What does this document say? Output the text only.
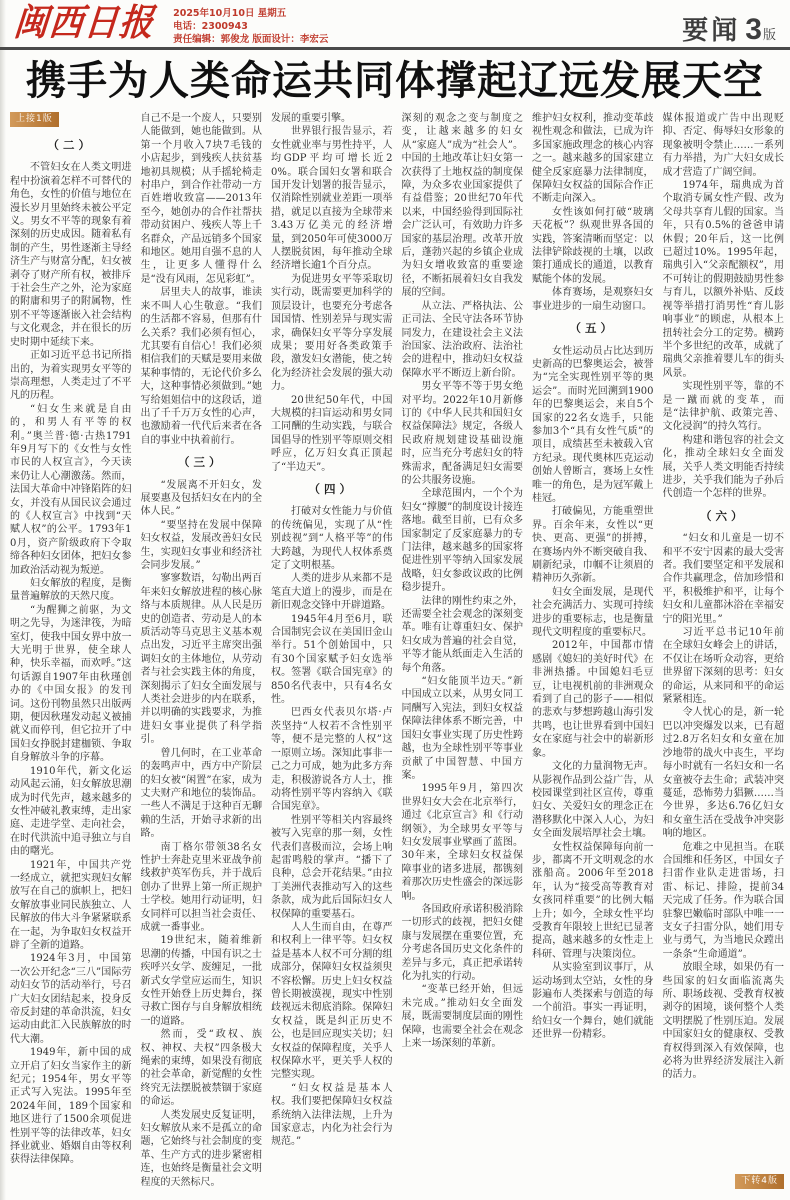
闽西日报 2025年10月10日 星期五
电话：2300943
责任编辑：郭俊龙 版面设计：李宏云	要闻 3版
携手为人类命运共同体撑起辽远发展天空
上接1版
（二）

不管妇女在人类文明进程中扮演着怎样不可替代的角色，女性的价值与地位在漫长岁月里始终未被公平定义。男女不平等的现象有着深刻的历史成因。随着私有制的产生，男性逐渐主导经济生产与财富分配，妇女被剥夺了财产所有权，被排斥于社会生产之外，沦为家庭的附庸和男子的附属物，性别不平等逐渐嵌入社会结构与文化观念，并在很长的历史时期中延续下来。

正如习近平总书记所指出的，为着实现男女平等的崇高理想，人类走过了不平凡的历程。

“妇女生来就是自由的，和男人有平等的权利。”奥兰普·德·古热1791年9月写下的《女性与女性市民的人权宣言》，今天读来仍让人心潮激荡。然而，法国大革命中冲锋陷阵的妇女，并没有从国民议会通过的《人权宣言》中找到“天赋人权”的公平。1793年10月，资产阶级政府下令取缔各种妇女团体，把妇女参加政治活动视为叛逆。

妇女解放的程度，是衡量普遍解放的天然尺度。

“为醒狮之前驱，为文明之先导，为迷津筏，为暗室灯，使我中国女界中放一大光明于世界，使全球人种，快乐幸福，而欢呼。”这句话源自1907年由秋瑾创办的《中国女报》的发刊词。这份刊物虽然只出版两期，便因秋瑾发动起义被捕就义而停刊，但它拉开了中国妇女挣脱封建枷锁、争取自身解放斗争的序幕。

1910年代，新文化运动风起云涌，妇女解放思潮成为时代先声，越来越多的女性冲破礼教束缚，走出家庭、走进学堂、走向社会，在时代洪流中追寻独立与自由的曙光。

1921年，中国共产党一经成立，就把实现妇女解放写在自己的旗帜上，把妇女解放事业同民族独立、人民解放的伟大斗争紧紧联系在一起，为争取妇女权益开辟了全新的道路。

1924年3月，中国第一次公开纪念“三八”国际劳动妇女节的活动举行，号召广大妇女团结起来，投身反帝反封建的革命洪流，妇女运动由此汇入民族解放的时代大潮。

1949年，新中国的成立开启了妇女当家作主的新纪元；1954年，男女平等正式写入宪法。1995年至2024年间，189个国家和地区进行了1500余项促进性别平等的法律改革，妇女择业就业、婚姻自由等权利获得法律保障。

自己不是一个废人，只要别人能做到，她也能做到。从第一个月收入7块7毛钱的小店起步，到残疾人扶贫基地初具规模；从手摇轮椅走村串户，到合作社带动一方百姓增收致富——2013年至今，她创办的合作社帮扶带动贫困户、残疾人等上千名群众，产品远销多个国家和地区。她用自强不息的人生，让更多人懂得什么是“没有风雨，怎见彩虹”。

居里夫人的故事，谁读来不叫人心生敬意。“我们的生活都不容易，但那有什么关系？我们必须有恒心，尤其要有自信心！我们必须相信我们的天赋是要用来做某种事情的，无论代价多么大，这种事情必须做到。”她写给姐姐信中的这段话，道出了千千万万女性的心声，也激励着一代代后来者在各自的事业中执着前行。

（三）

“发展离不开妇女，发展要惠及包括妇女在内的全体人民。”

“要坚持在发展中保障妇女权益，发展改善妇女民生，实现妇女事业和经济社会同步发展。”

寥寥数语，勾勒出两百年来妇女解放进程的核心脉络与本质规律。从人民是历史的创造者、劳动是人的本质活动等马克思主义基本观点出发，习近平主席突出强调妇女的主体地位，从劳动者与社会实践主体的角度，深刻揭示了妇女全面发展与人类社会进步的内在联系，并以明确的实践要求，为推进妇女事业提供了科学指引。

曾几何时，在工业革命的轰鸣声中，西方中产阶层的妇女被“闲置”在家，成为丈夫财产和地位的装饰品。一些人不满足于这种百无聊赖的生活，开始寻求新的出路。

南丁格尔带领38名女性护士奔赴克里米亚战争前线救护英军伤兵，并于战后创办了世界上第一所正规护士学校。她用行动证明，妇女同样可以担当社会责任、成就一番事业。

19世纪末，随着维新思潮的传播，中国有识之士疾呼兴女学、废缠足，一批新式女学堂应运而生，知识女性开始登上历史舞台，探寻救亡图存与自身解放相统一的道路。

然而，受“政权、族权、神权、夫权”四条极大绳索的束缚，如果没有彻底的社会革命，新觉醒的女性终究无法摆脱被禁锢于家庭的命运。

人类发展史反复证明，妇女解放从来不是孤立的命题，它始终与社会制度的变革、生产方式的进步紧密相连，也始终是衡量社会文明程度的天然标尺。

发展的重要引擎。

世界银行报告显示，若女性就业率与男性持平，人均GDP平均可增长近20%。联合国妇女署和联合国开发计划署的报告显示，仅消除性别就业差距一项举措，就足以直接为全球带来3.43万亿美元的经济增量，到2050年可使3000万人摆脱贫困，每年推动全球经济增长逾1个百分点。

为促进男女平等采取切实行动，既需要更加科学的顶层设计，也要充分考虑各国国情、性别差异与现实需求，确保妇女平等分享发展成果；要用好各类政策手段，激发妇女潜能，使之转化为经济社会发展的强大动力。

20世纪50年代，中国大规模的扫盲运动和男女同工同酬的生动实践，与联合国倡导的性别平等原则交相呼应，亿万妇女真正顶起了“半边天”。

（四）

打破对女性能力与价值的传统偏见，实现了从“性别歧视”到“人格平等”的伟大跨越，为现代人权体系奠定了文明根基。

人类的进步从来都不是笔直大道上的漫步，而是在新旧观念交锋中开辟道路。

1945年4月至6月，联合国制宪会议在美国旧金山举行。51个创始国中，只有30个国家赋予妇女选举权。签署《联合国宪章》的850名代表中，只有4名女性。

巴西女代表贝尔塔·卢茨坚持“人权若不含性别平等，便不是完整的人权”这一原则立场。深知此事非一己之力可成，她为此多方奔走，积极游说各方人士，推动将性别平等内容纳入《联合国宪章》。

性别平等相关内容最终被写入宪章的那一刻，女性代表们喜极而泣，会场上响起雷鸣般的掌声。“播下了良种，总会开花结果。”由拉丁美洲代表推动写入的这些条款，成为此后国际妇女人权保障的重要基石。

人人生而自由，在尊严和权利上一律平等。妇女权益是基本人权不可分割的组成部分，保障妇女权益须臾不容松懈。历史上妇女权益曾长期被漠视，现实中性别歧视远未彻底消除。保障妇女权益，既是纠正历史不公，也是回应现实关切；妇女权益的保障程度，关乎人权保障水平，更关乎人权的完整实现。

“妇女权益是基本人权。我们要把保障妇女权益系统纳入法律法规，上升为国家意志，内化为社会行为规范。”

深刻的观念之变与制度之变，让越来越多的妇女从“家庭人”成为“社会人”。中国的土地改革让妇女第一次获得了土地权益的制度保障，为众多农业国家提供了有益借鉴；20世纪70年代以来，中国经验得到国际社会广泛认可，有效助力许多国家的基层治理。改革开放后，蓬勃兴起的乡镇企业成为妇女增收致富的重要途径，不断拓展着妇女自我发展的空间。

从立法、严格执法、公正司法、全民守法各环节协同发力，在建设社会主义法治国家、法治政府、法治社会的进程中，推动妇女权益保障水平不断迈上新台阶。

男女平等不等于男女绝对平均。2022年10月新修订的《中华人民共和国妇女权益保障法》规定，各级人民政府规划建设基础设施时，应当充分考虑妇女的特殊需求，配备满足妇女需要的公共服务设施。

全球范围内，一个个为妇女“撑腰”的制度设计接连落地。截至目前，已有众多国家制定了反家庭暴力的专门法律，越来越多的国家将促进性别平等纳入国家发展战略，妇女参政议政的比例稳步提升。

法律的刚性约束之外，还需要全社会观念的深刻变革。唯有让尊重妇女、保护妇女成为普遍的社会自觉，平等才能从纸面走入生活的每个角落。

“妇女能顶半边天。”新中国成立以来，从男女同工同酬写入宪法，到妇女权益保障法律体系不断完善，中国妇女事业实现了历史性跨越，也为全球性别平等事业贡献了中国智慧、中国方案。

1995年9月，第四次世界妇女大会在北京举行，通过《北京宣言》和《行动纲领》，为全球男女平等与妇女发展事业擘画了蓝图。30年来，全球妇女权益保障事业的诸多进展，都镌刻着那次历史性盛会的深远影响。

各国政府承诺积极消除一切形式的歧视，把妇女健康与发展摆在重要位置，充分考虑各国历史文化条件的差异与多元，真正把承诺转化为扎实的行动。

“变革已经开始，但远未完成。”推动妇女全面发展，既需要制度层面的刚性保障，也需要全社会在观念上来一场深刻的革新。

维护妇女权利，推动变革歧视性观念和做法，已成为许多国家施政理念的核心内容之一。越来越多的国家建立健全反家庭暴力法律制度，保障妇女权益的国际合作正不断走向深入。

女性该如何打破“玻璃天花板”？纵观世界各国的实践，答案清晰而坚定：以法律铲除歧视的土壤，以政策打通成长的通道，以教育赋能个体的发展。

体育赛场，是观察妇女事业进步的一扇生动窗口。

（五）

女性运动员占比达到历史新高的巴黎奥运会，被誉为“完全实现性别平等的奥运会”。而时光回溯到1900年的巴黎奥运会，来自5个国家的22名女选手，只能参加3个“具有女性气质”的项目，成绩甚至未被载入官方纪录。现代奥林匹克运动创始人曾断言，赛场上女性唯一的角色，是为冠军戴上桂冠。

打破偏见，方能重塑世界。百余年来，女性以“更快、更高、更强”的拼搏，在赛场内外不断突破自我、刷新纪录，巾帼不让须眉的精神历久弥新。

妇女全面发展，是现代社会充满活力、实现可持续进步的重要标志，也是衡量现代文明程度的重要标尺。

2012年，中国都市情感剧《媳妇的美好时代》在非洲热播。中国媳妇毛豆豆，让电视机前的非洲观众看到了自己的影子——相似的悲欢与梦想跨越山海引发共鸣，也让世界看到中国妇女在家庭与社会中的崭新形象。

文化的力量润物无声。从影视作品到公益广告，从校园课堂到社区宣传，尊重妇女、关爱妇女的理念正在潜移默化中深入人心，为妇女全面发展培厚社会土壤。

女性权益保障每向前一步，都离不开文明观念的水涨船高。2006年至2018年，认为“接受高等教育对女孩同样重要”的比例大幅上升；如今，全球女性平均受教育年限较上世纪已显著提高，越来越多的女性走上科研、管理与决策岗位。

从实验室到议事厅，从运动场到太空站，女性的身影遍布人类探索与创造的每一个前沿。事实一再证明，给妇女一个舞台，她们就能还世界一份精彩。

媒体报道或广告中出现贬抑、否定、侮辱妇女形象的现象被明令禁止……一系列有力举措，为广大妇女成长成才营造了广阔空间。

1974年，瑞典成为首个取消专属女性产假、改为父母共享育儿假的国家。当年，只有0.5%的爸爸申请休假；20年后，这一比例已超过10%。1995年起，瑞典引入“父亲配额权”，用不可转让的假期鼓励男性参与育儿，以额外补贴、反歧视等举措打消男性“育儿影响事业”的顾虑，从根本上扭转社会分工的定势。横跨半个多世纪的改革，成就了瑞典父亲推着婴儿车的街头风景。

实现性别平等，靠的不是一蹴而就的变革，而是“法律护航、政策完善、文化浸润”的持久笃行。

构建和谐包容的社会文化，推动全球妇女全面发展，关乎人类文明能否持续进步，关乎我们能为子孙后代创造一个怎样的世界。

（六）

“妇女和儿童是一切不和平不安宁因素的最大受害者。我们要坚定和平发展和合作共赢理念，倍加珍惜和平，积极维护和平，让每个妇女和儿童都沐浴在幸福安宁的阳光里。”

习近平总书记10年前在全球妇女峰会上的讲话，不仅让在场听众动容，更给世界留下深刻的思考：妇女的命运，从来同和平的命运紧紧相连。

令人忧心的是，新一轮巴以冲突爆发以来，已有超过2.8万名妇女和女童在加沙地带的战火中丧生，平均每小时就有一名妇女和一名女童被夺去生命；武装冲突蔓延，恐怖势力猖獗……当今世界，多达6.76亿妇女和女童生活在受战争冲突影响的地区。

危难之中见担当。在联合国维和任务区，中国女子扫雷作业队走进雷场，扫雷、标记、排险，提前34天完成了任务。作为联合国驻黎巴嫩临时部队中唯一一支女子扫雷分队，她们用专业与勇气，为当地民众蹚出一条条“生命通道”。

放眼全球，如果仍有一些国家的妇女面临流离失所、职场歧视、受教育权被剥夺的困境，谈何整个人类文明摆脱了性别压迫。发展中国家妇女的健康权、受教育权得到深入有效保障，也必将为世界经济发展注入新的活力。

下转4版
